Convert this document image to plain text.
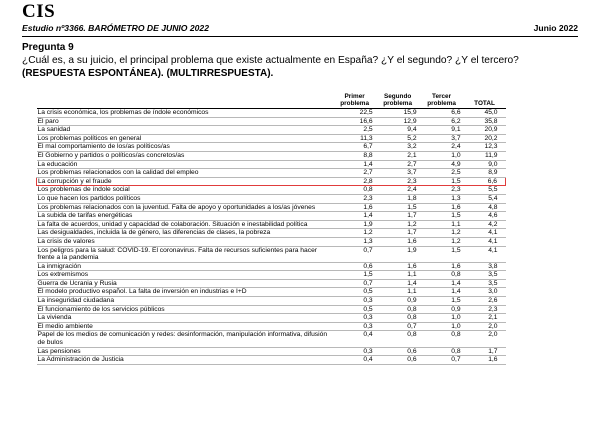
CIS
Estudio nº3366. BARÓMETRO DE JUNIO 2022	Junio 2022
Pregunta 9
¿Cuál es, a su juicio, el principal problema que existe actualmente en España? ¿Y el segundo? ¿Y el tercero?
(RESPUESTA ESPONTÁNEA). (MULTIRRESPUESTA).
	Primer problema	Segundo problema	Tercer problema	TOTAL
La crisis económica, los problemas de índole económicos	22,5	15,9	6,6	45,0
El paro	16,6	12,9	6,2	35,8
La sanidad	2,5	9,4	9,1	20,9
Los problemas políticos en general	11,3	5,2	3,7	20,2
El mal comportamiento de los/as políticos/as	6,7	3,2	2,4	12,3
El Gobierno y partidos o políticos/as concretos/as	8,8	2,1	1,0	11,9
La educación	1,4	2,7	4,9	9,0
Los problemas relacionados con la calidad del empleo	2,7	3,7	2,5	8,9
La corrupción y el fraude	2,8	2,3	1,5	6,6
Los problemas de índole social	0,8	2,4	2,3	5,5
Lo que hacen los partidos políticos	2,3	1,8	1,3	5,4
Los problemas relacionados con la juventud. Falta de apoyo y oportunidades a los/as jóvenes	1,6	1,5	1,6	4,8
La subida de tarifas energéticas	1,4	1,7	1,5	4,6
La falta de acuerdos, unidad y capacidad de colaboración. Situación e inestabilidad política	1,9	1,2	1,1	4,2
Las desigualdades, incluida la de género, las diferencias de clases, la pobreza	1,2	1,7	1,2	4,1
La crisis de valores	1,3	1,6	1,2	4,1
Los peligros para la salud: COVID-19. El coronavirus. Falta de recursos suficientes para hacer frente a la pandemia	0,7	1,9	1,5	4,1
La inmigración	0,6	1,6	1,6	3,8
Los extremismos	1,5	1,1	0,8	3,5
Guerra de Ucrania y Rusia	0,7	1,4	1,4	3,5
El modelo productivo español. La falta de inversión en industrias e I+D	0,5	1,1	1,4	3,0
La inseguridad ciudadana	0,3	0,9	1,5	2,6
El funcionamiento de los servicios públicos	0,5	0,8	0,9	2,3
La vivienda	0,3	0,8	1,0	2,1
El medio ambiente	0,3	0,7	1,0	2,0
Papel de los medios de comunicación y redes: desinformación, manipulación informativa, difusión de bulos	0,4	0,8	0,8	2,0
Las pensiones	0,3	0,6	0,8	1,7
La Administración de Justicia	0,4	0,6	0,7	1,6
